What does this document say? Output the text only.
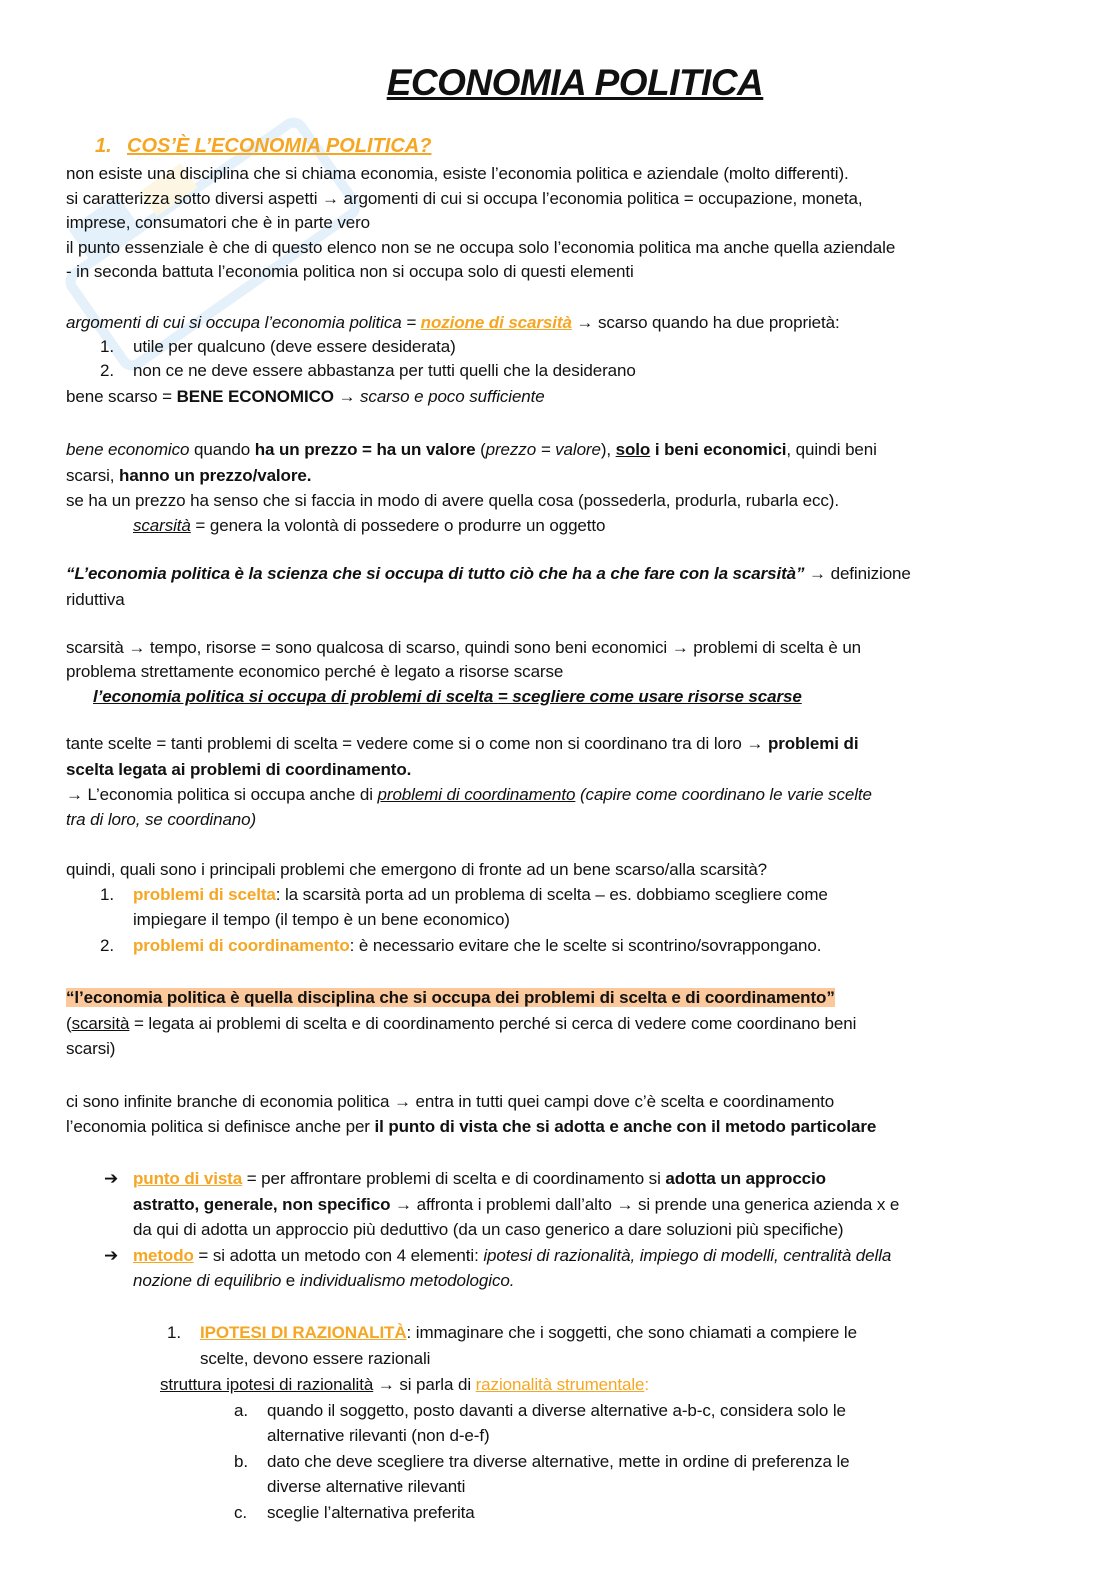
ECONOMIA POLITICA
1. COS’È L’ECONOMIA POLITICA?
non esiste una disciplina che si chiama economia, esiste l’economia politica e aziendale (molto differenti).
si caratterizza sotto diversi aspetti → argomenti di cui si occupa l’economia politica = occupazione, moneta,
imprese, consumatori che è in parte vero
il punto essenziale è che di questo elenco non se ne occupa solo l’economia politica ma anche quella aziendale
- in seconda battuta l’economia politica non si occupa solo di questi elementi
argomenti di cui si occupa l’economia politica = nozione di scarsità → scarso quando ha due proprietà:
1. utile per qualcuno (deve essere desiderata)
2. non ce ne deve essere abbastanza per tutti quelli che la desiderano
bene scarso = BENE ECONOMICO → scarso e poco sufficiente
bene economico quando ha un prezzo = ha un valore (prezzo = valore), solo i beni economici, quindi beni
scarsi, hanno un prezzo/valore.
se ha un prezzo ha senso che si faccia in modo di avere quella cosa (possederla, produrla, rubarla ecc).
scarsità = genera la volontà di possedere o produrre un oggetto
“L’economia politica è la scienza che si occupa di tutto ciò che ha a che fare con la scarsità” → definizione
riduttiva
scarsità → tempo, risorse = sono qualcosa di scarso, quindi sono beni economici → problemi di scelta è un
problema strettamente economico perché è legato a risorse scarse
l’economia politica si occupa di problemi di scelta = scegliere come usare risorse scarse
tante scelte = tanti problemi di scelta = vedere come si o come non si coordinano tra di loro → problemi di
scelta legata ai problemi di coordinamento.
→ L’economia politica si occupa anche di problemi di coordinamento (capire come coordinano le varie scelte
tra di loro, se coordinano)
quindi, quali sono i principali problemi che emergono di fronte ad un bene scarso/alla scarsità?
1. problemi di scelta: la scarsità porta ad un problema di scelta – es. dobbiamo scegliere come
impiegare il tempo (il tempo è un bene economico)
2. problemi di coordinamento: è necessario evitare che le scelte si scontrino/sovrappongano.
“l’economia politica è quella disciplina che si occupa dei problemi di scelta e di coordinamento”
(scarsità = legata ai problemi di scelta e di coordinamento perché si cerca di vedere come coordinano beni
scarsi)
ci sono infinite branche di economia politica → entra in tutti quei campi dove c’è scelta e coordinamento
l’economia politica si definisce anche per il punto di vista che si adotta e anche con il metodo particolare
➔ punto di vista = per affrontare problemi di scelta e di coordinamento si adotta un approccio
astratto, generale, non specifico → affronta i problemi dall’alto → si prende una generica azienda x e
da qui di adotta un approccio più deduttivo (da un caso generico a dare soluzioni più specifiche)
➔ metodo = si adotta un metodo con 4 elementi: ipotesi di razionalità, impiego di modelli, centralità della
nozione di equilibrio e individualismo metodologico.
1. IPOTESI DI RAZIONALITÀ: immaginare che i soggetti, che sono chiamati a compiere le
scelte, devono essere razionali
struttura ipotesi di razionalità → si parla di razionalità strumentale:
a. quando il soggetto, posto davanti a diverse alternative a-b-c, considera solo le
alternative rilevanti (non d-e-f)
b. dato che deve scegliere tra diverse alternative, mette in ordine di preferenza le
diverse alternative rilevanti
c. sceglie l’alternativa preferita
